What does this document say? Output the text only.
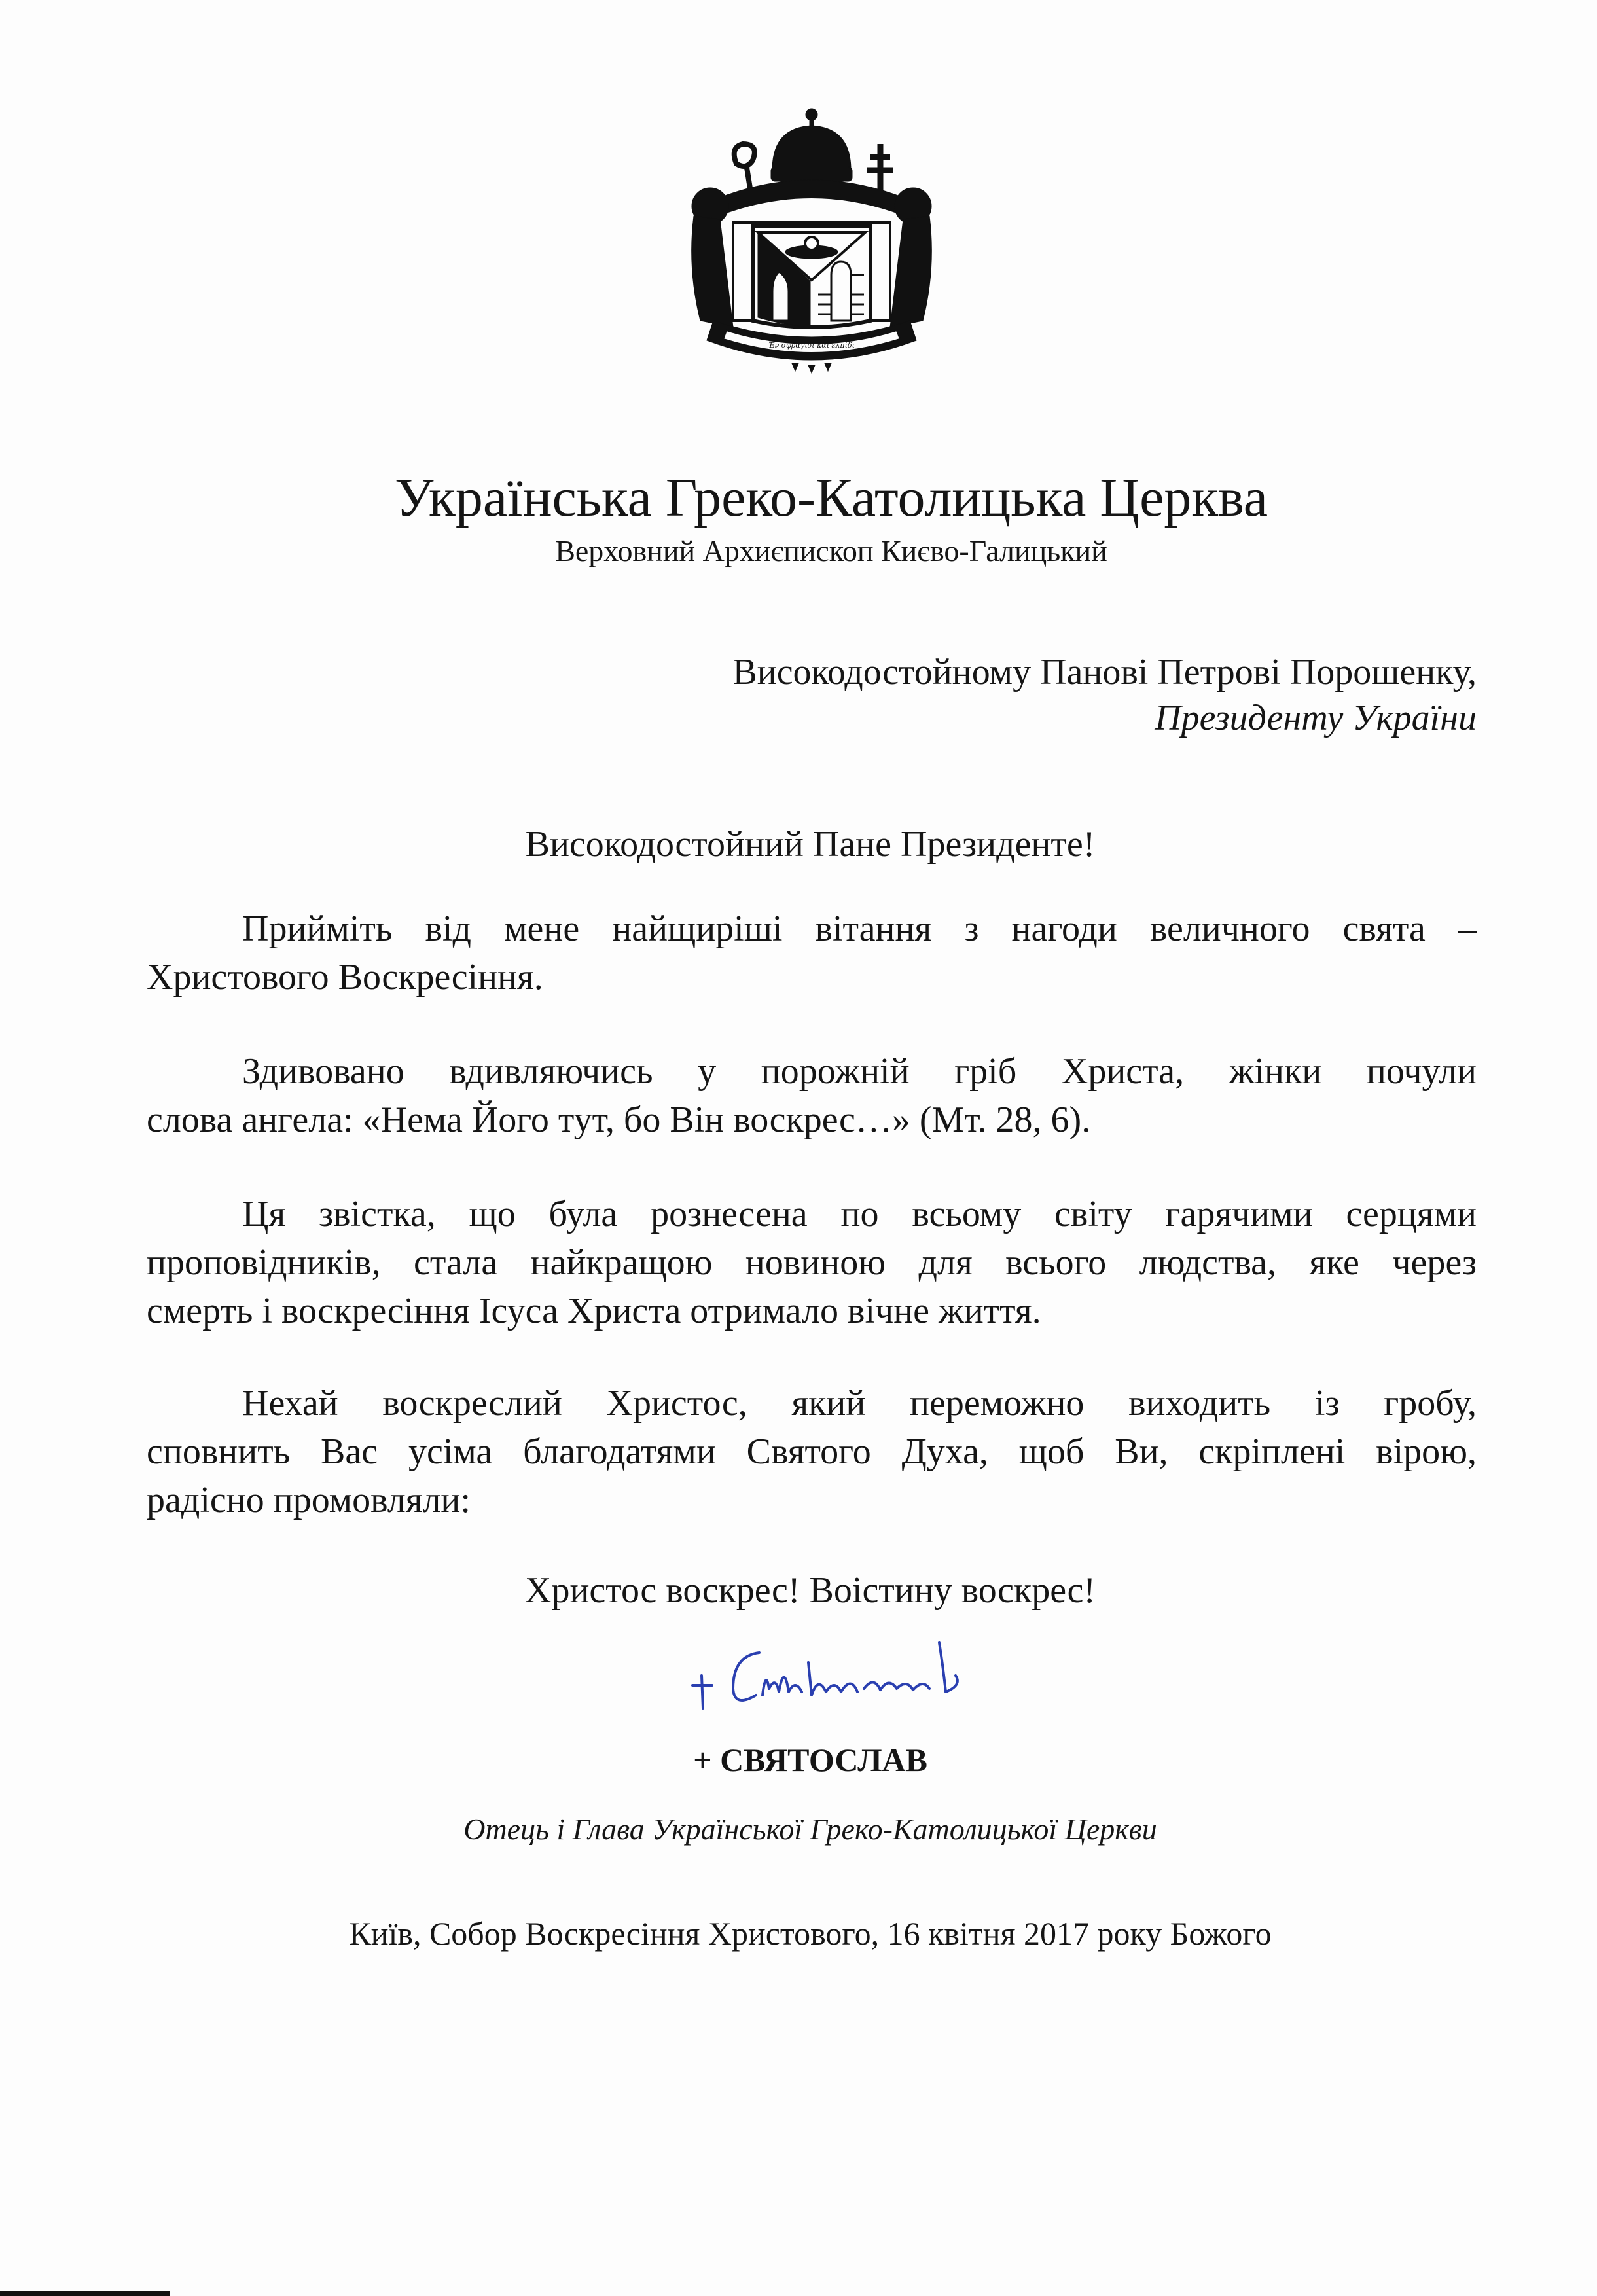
Ἐν σφραγῖδι καὶ ἐλπίδι
Українська Греко-Католицька Церква
Верховний Архиєпископ Києво-Галицький
Високодостойному Панові Петрові Порошенку,
Президенту України
Високодостойний Пане Президенте!
Прийміть від мене найщиріші вітання з нагоди величного свята –
Христового Воскресіння.
Здивовано вдивляючись у порожній гріб Христа, жінки почули
слова ангела: «Нема Його тут, бо Він воскрес…» (Мт. 28, 6).
Ця звістка, що була рознесена по всьому світу гарячими серцями
проповідників, стала найкращою новиною для всього людства, яке через
смерть і воскресіння Ісуса Христа отримало вічне життя.
Нехай воскреслий Христос, який переможно виходить із гробу,
сповнить Вас усіма благодатями Святого Духа, щоб Ви, скріплені вірою,
радісно промовляли:
Христос воскрес! Воістину воскрес!
+ СВЯТОСЛАВ
Отець і Глава Української Греко-Католицької Церкви
Київ, Собор Воскресіння Христового, 16 квітня 2017 року Божого
